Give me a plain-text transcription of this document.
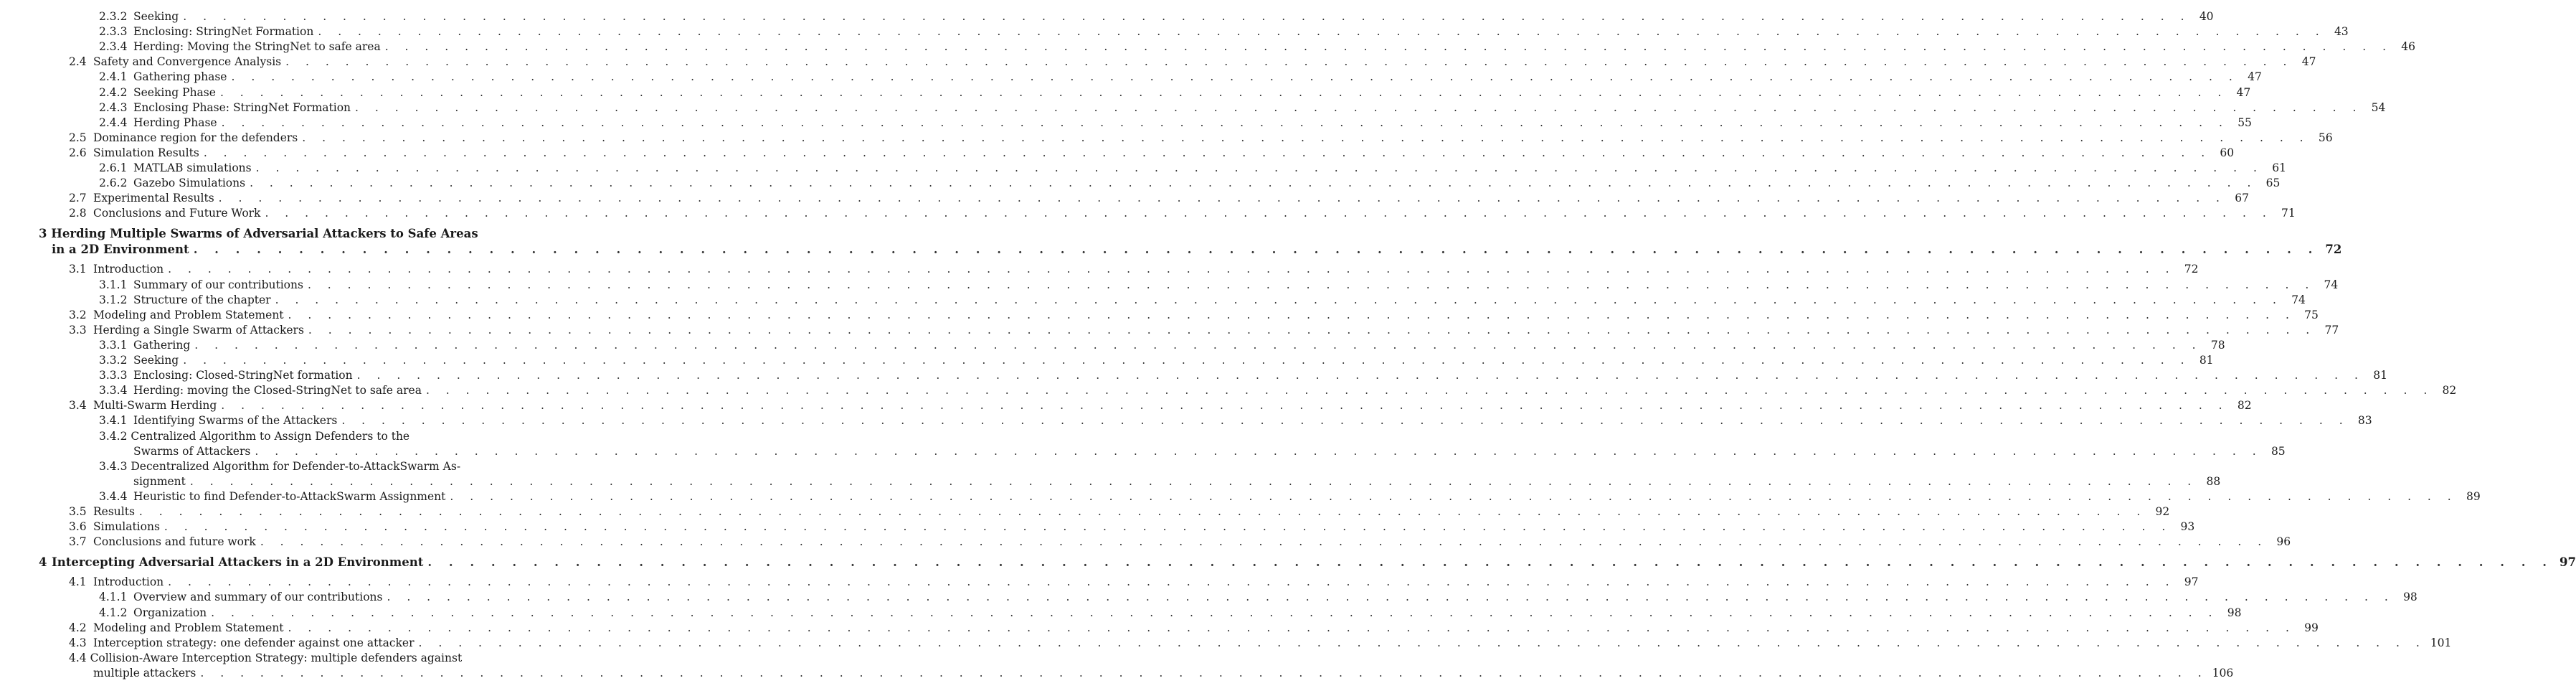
2.3.2 Seeking . . .	40
2.3.3 Enclosing: StringNet Formation . . .	43
2.3.4 Herding: Moving the StringNet to safe area . . .	46
2.4 Safety and Convergence Analysis . . .	47
2.4.1 Gathering phase . . .	47
2.4.2 Seeking Phase . . .	47
2.4.3 Enclosing Phase: StringNet Formation . . .	54
2.4.4 Herding Phase . . .	55
2.5 Dominance region for the defenders . . .	56
2.6 Simulation Results . . .	60
2.6.1 MATLAB simulations . . .	61
2.6.2 Gazebo Simulations . . .	65
2.7 Experimental Results . . .	67
2.8 Conclusions and Future Work . . .	71
3 Herding Multiple Swarms of Adversarial Attackers to Safe Areas
in a 2D Environment . . .	72
3.1 Introduction . . .	72
3.1.1 Summary of our contributions . . .	74
3.1.2 Structure of the chapter . . .	74
3.2 Modeling and Problem Statement . . .	75
3.3 Herding a Single Swarm of Attackers . . .	77
3.3.1 Gathering . . .	78
3.3.2 Seeking . . .	81
3.3.3 Enclosing: Closed-StringNet formation . . .	81
3.3.4 Herding: moving the Closed-StringNet to safe area . . .	82
3.4 Multi-Swarm Herding . . .	82
3.4.1 Identifying Swarms of the Attackers . . .	83
3.4.2 Centralized Algorithm to Assign Defenders to the
Swarms of Attackers . . .	85
3.4.3 Decentralized Algorithm for Defender-to-AttackSwarm As-
signment . . .	88
3.4.4 Heuristic to find Defender-to-AttackSwarm Assignment . . .	89
3.5 Results . . .	92
3.6 Simulations . . .	93
3.7 Conclusions and future work . . .	96
4 Intercepting Adversarial Attackers in a 2D Environment . . .	97
4.1 Introduction . . .	97
4.1.1 Overview and summary of our contributions . . .	98
4.1.2 Organization . . .	98
4.2 Modeling and Problem Statement . . .	99
4.3 Interception strategy: one defender against one attacker . . .	101
4.4 Collision-Aware Interception Strategy: multiple defenders against
multiple attackers . . .	106
